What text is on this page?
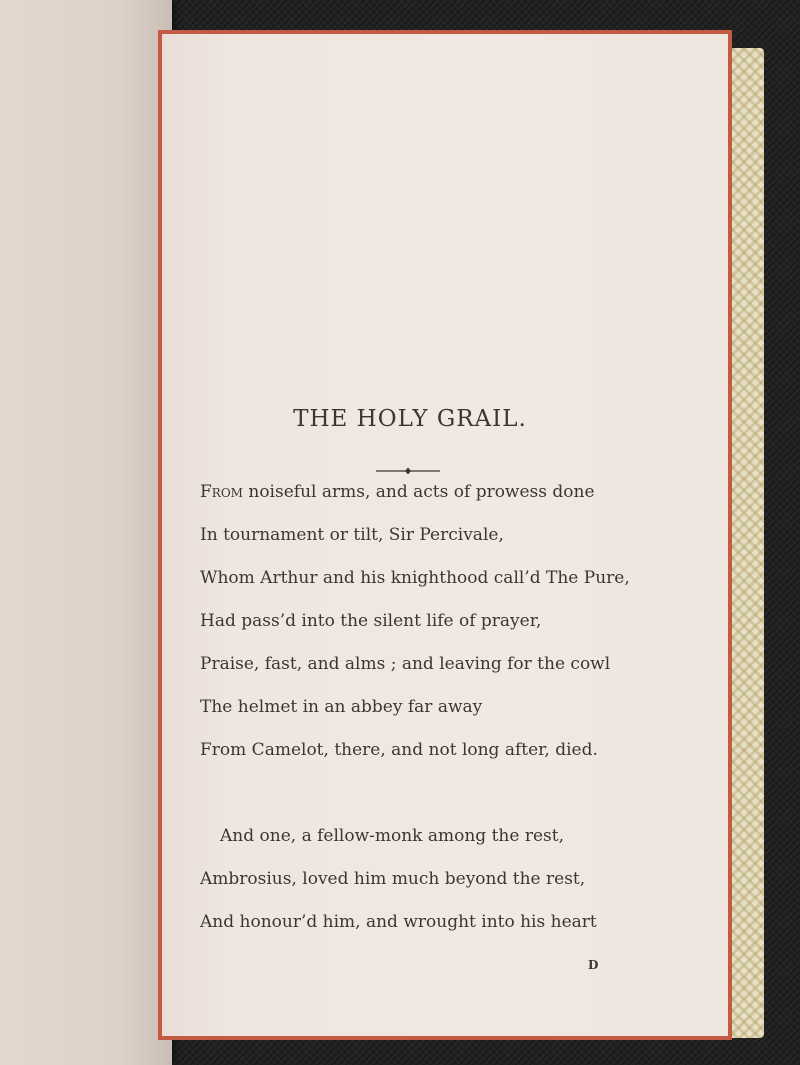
THE HOLY GRAIL.

From noiseful arms, and acts of prowess done

In tournament or tilt, Sir Percivale,

Whom Arthur and his knighthood call’d The Pure,

Had pass’d into the silent life of prayer,

Praise, fast, and alms ; and leaving for the cowl

The helmet in an abbey far away

From Camelot, there, and not long after, died.

And one, a fellow-monk among the rest,

Ambrosius, loved him much beyond the rest,

And honour’d him, and wrought into his heart

D
